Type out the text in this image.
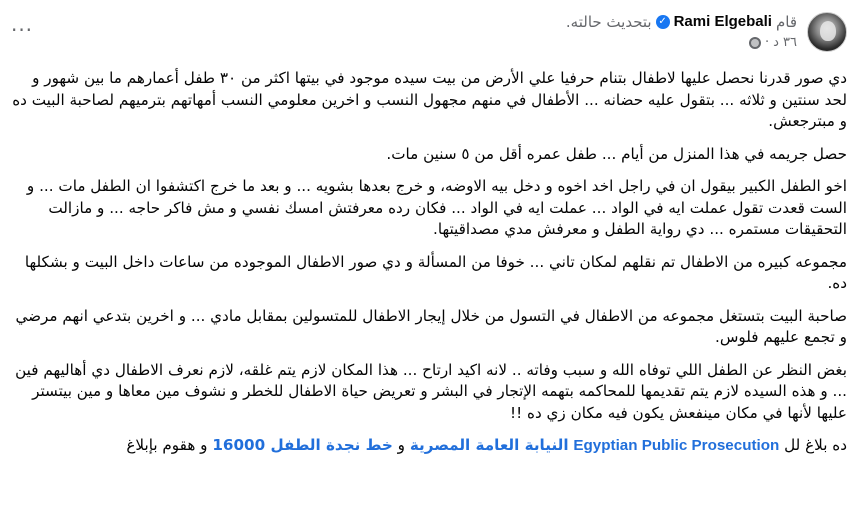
···	قام
Rami Elgebali
✓
بتحديث حالته.
٣٦ د
·

دي صور قدرنا نحصل عليها لاطفال بتنام حرفيا علي الأرض من بيت سيده موجود في بيتها اكثر من ٣٠ طفل أعمارهم ما بين شهور و لحد سنتين و ثلاثه ... بتقول عليه حضانه ... الأطفال في منهم مجهول النسب و اخرين معلومي النسب أمهاتهم بترميهم لصاحبة البيت ده و مبترجعش.

حصل جريمه في هذا المنزل من أيام ... طفل عمره أقل من ٥ سنين مات.

اخو الطفل الكبير بيقول ان في راجل اخد اخوه و دخل بيه الاوضه، و خرج بعدها بشويه ... و بعد ما خرج اكتشفوا ان الطفل مات ... و الست قعدت تقول عملت ايه في الواد ... عملت ايه في الواد ... فكان رده معرفتش امسك نفسي و مش فاكر حاجه ... و مازالت التحقيقات مستمره ... دي رواية الطفل و معرفش مدي مصداقيتها.

مجموعه كبيره من الاطفال تم نقلهم لمكان تاني ... خوفا من المسألة و دي صور الاطفال الموجوده من ساعات داخل البيت و بشكلها ده.

صاحبة البيت بتستغل مجموعه من الاطفال في التسول من خلال إيجار الاطفال للمتسولين بمقابل مادي ... و اخرين بتدعي انهم مرضي و تجمع عليهم فلوس.

بغض النظر عن الطفل اللي توفاه الله و سبب وفاته .. لانه اكيد ارتاح ... هذا المكان لازم يتم غلقه، لازم نعرف الاطفال دي أهاليهم فين ... و هذه السيده لازم يتم تقديمها للمحاكمه بتهمه الإتجار في البشر و تعريض حياة الاطفال للخطر و نشوف مين معاها و مين بيتستر عليها لأنها في مكان مينفعش يكون فيه مكان زي ده !!

ده بلاغ لل Egyptian Public Prosecution النيابة العامة المصرية و خط نجدة الطفل 16000 و هقوم بإبلاغ
